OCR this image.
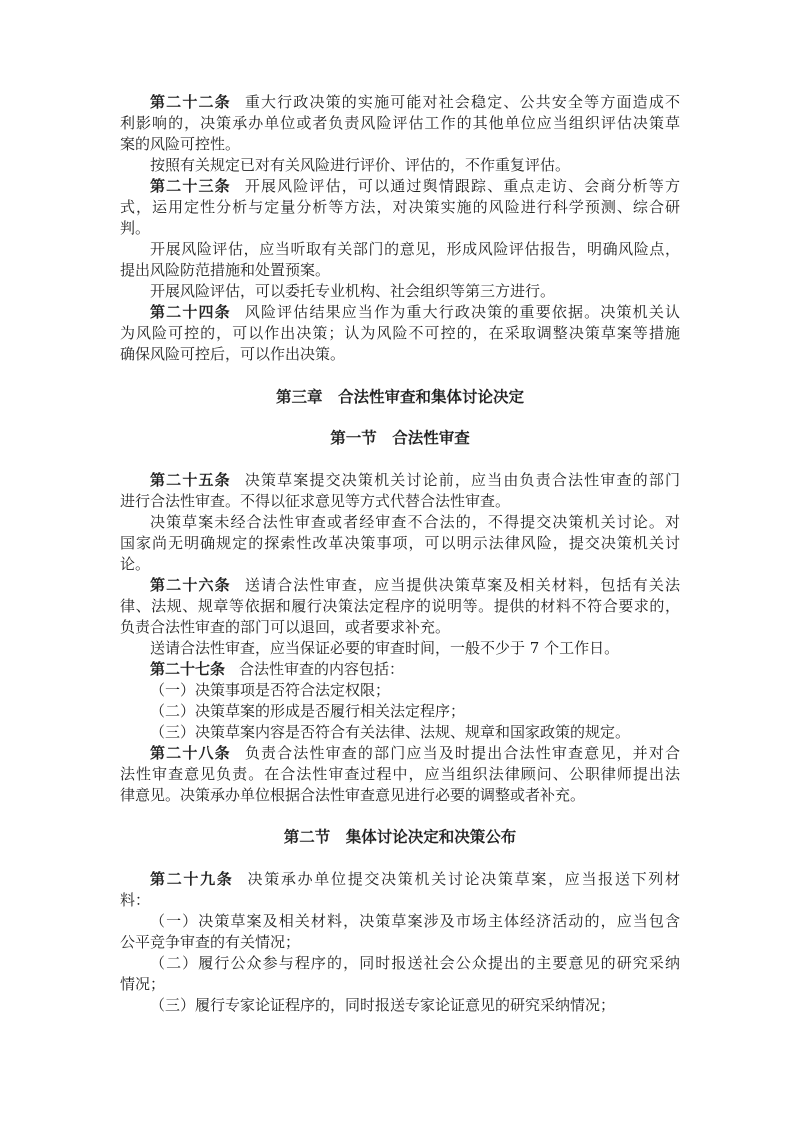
第二十二条 重大行政决策的实施可能对社会稳定、公共安全等方面造成不
利影响的，决策承办单位或者负责风险评估工作的其他单位应当组织评估决策草
案的风险可控性。
按照有关规定已对有关风险进行评价、评估的，不作重复评估。
第二十三条 开展风险评估，可以通过舆情跟踪、重点走访、会商分析等方
式，运用定性分析与定量分析等方法，对决策实施的风险进行科学预测、综合研
判。
开展风险评估，应当听取有关部门的意见，形成风险评估报告，明确风险点，
提出风险防范措施和处置预案。
开展风险评估，可以委托专业机构、社会组织等第三方进行。
第二十四条 风险评估结果应当作为重大行政决策的重要依据。决策机关认
为风险可控的，可以作出决策；认为风险不可控的，在采取调整决策草案等措施
确保风险可控后，可以作出决策。
第三章　合法性审查和集体讨论决定
第一节　合法性审查
第二十五条 决策草案提交决策机关讨论前，应当由负责合法性审查的部门
进行合法性审查。不得以征求意见等方式代替合法性审查。
决策草案未经合法性审查或者经审查不合法的，不得提交决策机关讨论。对
国家尚无明确规定的探索性改革决策事项，可以明示法律风险，提交决策机关讨
论。
第二十六条 送请合法性审查，应当提供决策草案及相关材料，包括有关法
律、法规、规章等依据和履行决策法定程序的说明等。提供的材料不符合要求的，
负责合法性审查的部门可以退回，或者要求补充。
送请合法性审查，应当保证必要的审查时间，一般不少于 7 个工作日。
第二十七条 合法性审查的内容包括：
（一）决策事项是否符合法定权限；
（二）决策草案的形成是否履行相关法定程序；
（三）决策草案内容是否符合有关法律、法规、规章和国家政策的规定。
第二十八条 负责合法性审查的部门应当及时提出合法性审查意见，并对合
法性审查意见负责。在合法性审查过程中，应当组织法律顾问、公职律师提出法
律意见。决策承办单位根据合法性审查意见进行必要的调整或者补充。
第二节　集体讨论决定和决策公布
第二十九条 决策承办单位提交决策机关讨论决策草案，应当报送下列材
料：
（一）决策草案及相关材料，决策草案涉及市场主体经济活动的，应当包含
公平竞争审查的有关情况；
（二）履行公众参与程序的，同时报送社会公众提出的主要意见的研究采纳
情况；
（三）履行专家论证程序的，同时报送专家论证意见的研究采纳情况；
